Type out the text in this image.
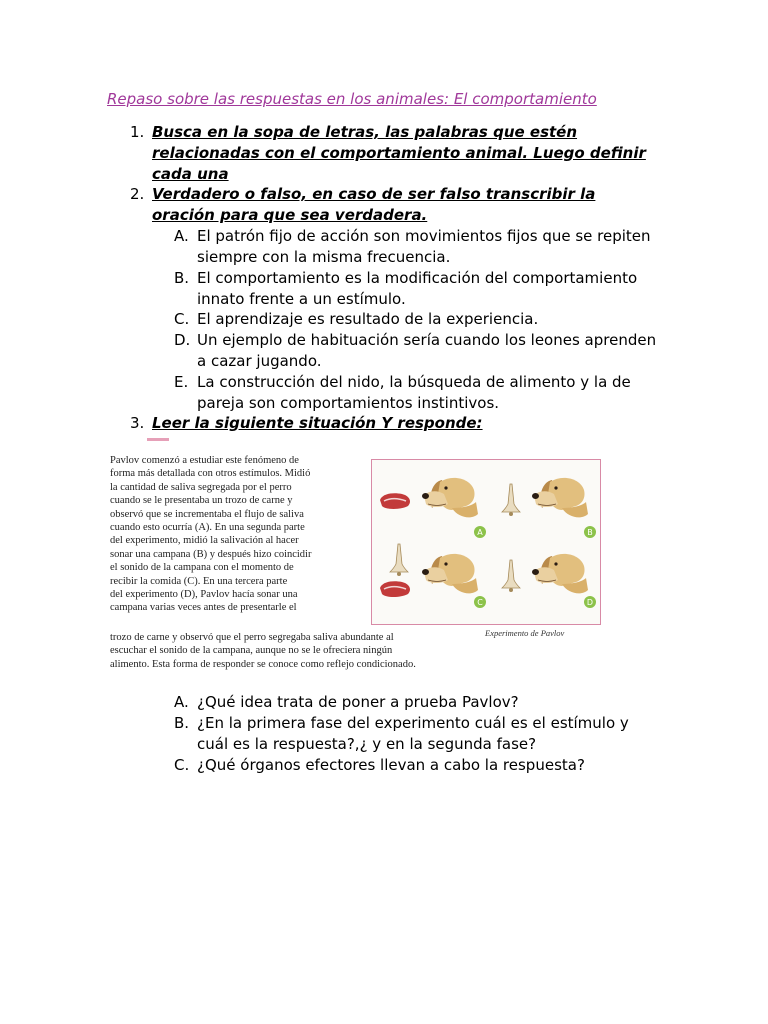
Repaso sobre las respuestas en los animales: El comportamiento
1. Busca en la sopa de letras, las palabras que estén
relacionadas con el comportamiento animal. Luego definir
cada una
2. Verdadero o falso, en caso de ser falso transcribir la
oración para que sea verdadera.
A. El patrón fijo de acción son movimientos fijos que se repiten
siempre con la misma frecuencia.
B. El comportamiento es la modificación del comportamiento
innato frente a un estímulo.
C. El aprendizaje es resultado de la experiencia.
D. Un ejemplo de habituación sería cuando los leones aprenden
a cazar jugando.
E. La construcción del nido, la búsqueda de alimento y la de
pareja son comportamientos instintivos.
3. Leer la siguiente situación Y responde:
Pavlov comenzó a estudiar este fenómeno de
forma más detallada con otros estímulos. Midió
la cantidad de saliva segregada por el perro
cuando se le presentaba un trozo de carne y
observó que se incrementaba el flujo de saliva
cuando esto ocurría (A). En una segunda parte
del experimento, midió la salivación al hacer
sonar una campana (B) y después hizo coincidir
el sonido de la campana con el momento de
recibir la comida (C). En una tercera parte
del experimento (D), Pavlov hacía sonar una
campana varias veces antes de presentarle el
trozo de carne y observó que el perro segregaba saliva abundante al
escuchar el sonido de la campana, aunque no se le ofreciera ningún
alimento. Esta forma de responder se conoce como reflejo condicionado.
A	B
C	D
Experimento de Pavlov
A. ¿Qué idea trata de poner a prueba Pavlov?
B. ¿En la primera fase del experimento cuál es el estímulo y
cuál es la respuesta?,¿ y en la segunda fase?
C. ¿Qué órganos efectores llevan a cabo la respuesta?
